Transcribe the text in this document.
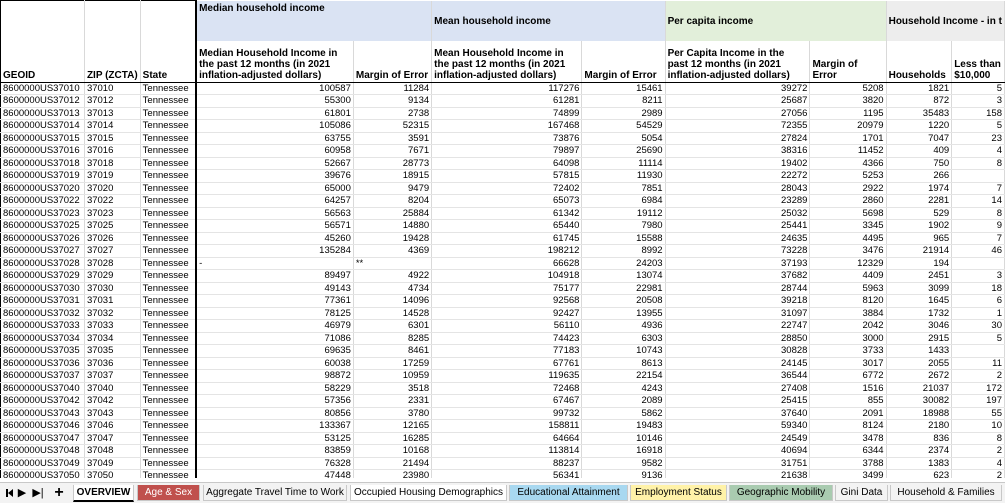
GEOID	ZIP (ZCTA)	State	Median household income		Mean household income		Per capita income		Household Income - in t	

			Median Household Income in the past 12 months (in 2021 inflation-adjusted dollars)	Margin of Error	Mean Household Income in the past 12 months (in 2021 inflation-adjusted dollars)	Margin of Error	Per Capita Income in the past 12 months (in 2021 inflation-adjusted dollars)	Margin of Error	Households	Less than $10,000
8600000US37010	37010	Tennessee	100587	11284	117276	15461	39272	5208	1821	5
8600000US37012	37012	Tennessee	55300	9134	61281	8211	25687	3820	872	3
8600000US37013	37013	Tennessee	61801	2738	74899	2989	27056	1195	35483	158
8600000US37014	37014	Tennessee	105086	52315	167468	54529	72355	20979	1220	5
8600000US37015	37015	Tennessee	63755	3591	73876	5054	27824	1701	7047	23
8600000US37016	37016	Tennessee	60958	7671	79897	25690	38316	11452	409	4
8600000US37018	37018	Tennessee	52667	28773	64098	11114	19402	4366	750	8
8600000US37019	37019	Tennessee	39676	18915	57815	11930	22272	5253	266	
8600000US37020	37020	Tennessee	65000	9479	72402	7851	28043	2922	1974	7
8600000US37022	37022	Tennessee	64257	8204	65073	6984	23289	2860	2281	14
8600000US37023	37023	Tennessee	56563	25884	61342	19112	25032	5698	529	8
8600000US37025	37025	Tennessee	56571	14880	65440	7980	25441	3345	1902	9
8600000US37026	37026	Tennessee	45260	19428	61745	15588	24635	4495	965	7
8600000US37027	37027	Tennessee	135284	4369	198212	8992	73228	3476	21914	46
8600000US37028	37028	Tennessee	-	**	66628	24203	37193	12329	194	
8600000US37029	37029	Tennessee	89497	4922	104918	13074	37682	4409	2451	3
8600000US37030	37030	Tennessee	49143	4734	75177	22981	28744	5963	3099	18
8600000US37031	37031	Tennessee	77361	14096	92568	20508	39218	8120	1645	6
8600000US37032	37032	Tennessee	78125	14528	92427	13955	31097	3884	1732	1
8600000US37033	37033	Tennessee	46979	6301	56110	4936	22747	2042	3046	30
8600000US37034	37034	Tennessee	71086	8285	74423	6303	28850	3000	2915	5
8600000US37035	37035	Tennessee	69635	8461	77183	10743	30828	3733	1433	
8600000US37036	37036	Tennessee	60038	17259	67761	8613	24145	3017	2055	11
8600000US37037	37037	Tennessee	98872	10959	119635	22154	36544	6772	2672	2
8600000US37040	37040	Tennessee	58229	3518	72468	4243	27408	1516	21037	172
8600000US37042	37042	Tennessee	57356	2331	67467	2089	25415	855	30082	197
8600000US37043	37043	Tennessee	80856	3780	99732	5862	37640	2091	18988	55
8600000US37046	37046	Tennessee	133367	12165	158811	19483	59340	8124	2180	10
8600000US37047	37047	Tennessee	53125	16285	64664	10146	24549	3478	836	8
8600000US37048	37048	Tennessee	83859	10168	113814	16918	40694	6344	2374	2
8600000US37049	37049	Tennessee	76328	21494	88237	9582	31751	3788	1383	4
8600000US37050	37050	Tennessee	47448	23980	56341	9136	21638	3499	623	2

▶ ▶| +	OVERVIEW	Age & Sex	Aggregate Travel Time to Work	Occupied Housing Demographics	Educational Attainment	Employment Status	Geographic Mobility	Gini Data	Household & Families
